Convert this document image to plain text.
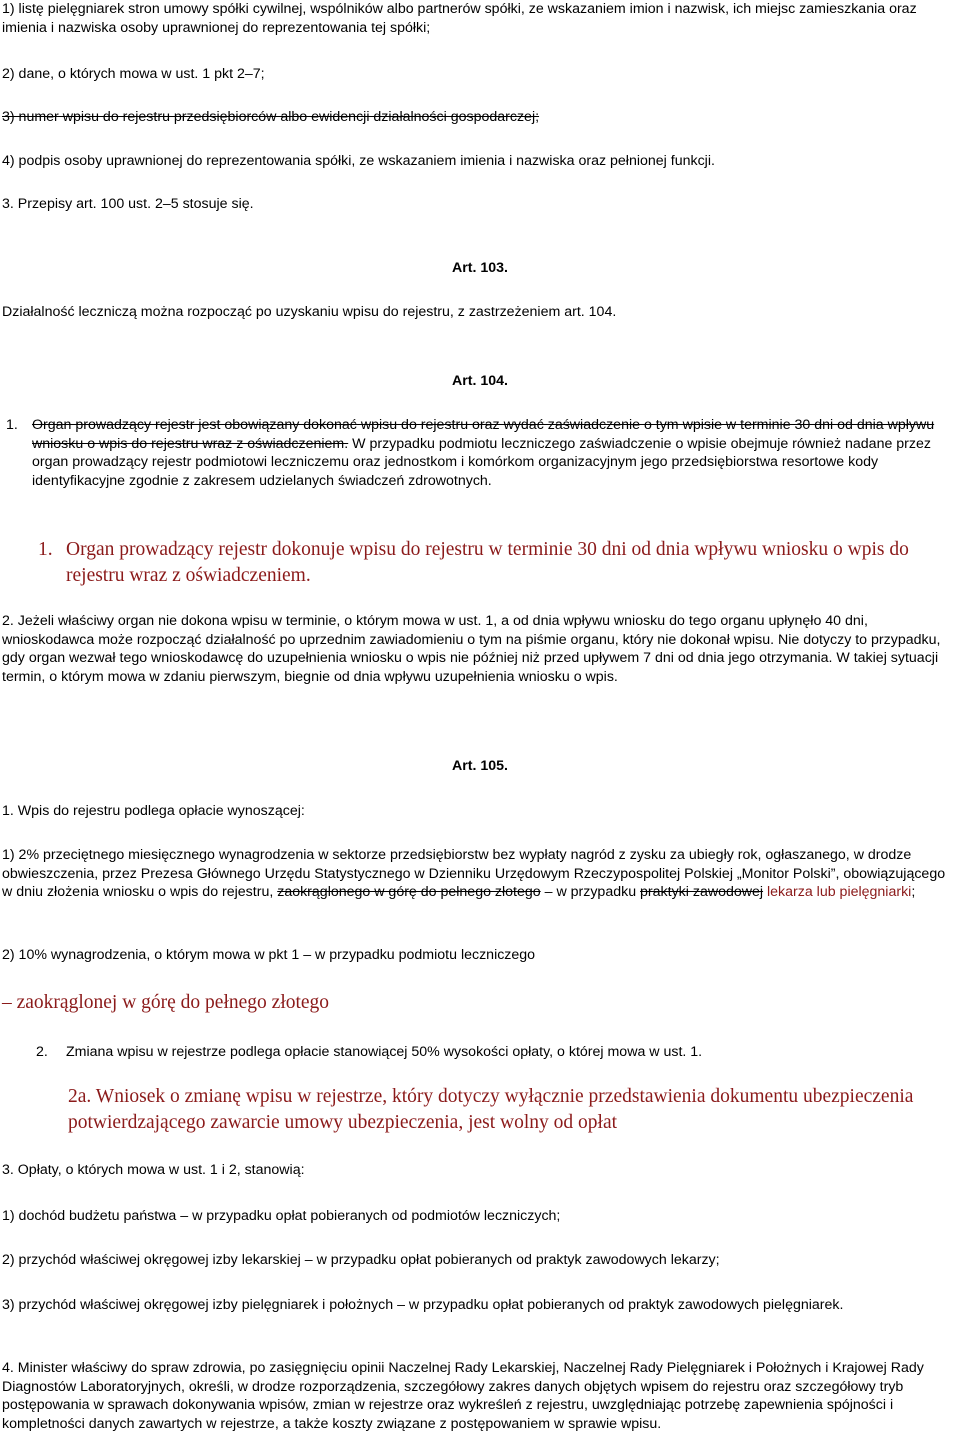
1) listę pielęgniarek stron umowy spółki cywilnej, wspólników albo partnerów spółki, ze wskazaniem imion i nazwisk, ich miejsc zamieszkania oraz imienia i nazwiska osoby uprawnionej do reprezentowania tej spółki;

2) dane, o których mowa w ust. 1 pkt 2–7;

3) numer wpisu do rejestru przedsiębiorców albo ewidencji działalności gospodarczej;

4) podpis osoby uprawnionej do reprezentowania spółki, ze wskazaniem imienia i nazwiska oraz pełnionej funkcji.

3. Przepisy art. 100 ust. 2–5 stosuje się.

Art. 103.

Działalność leczniczą można rozpocząć po uzyskaniu wpisu do rejestru, z zastrzeżeniem art. 104.

Art. 104.

1. Organ prowadzący rejestr jest obowiązany dokonać wpisu do rejestru oraz wydać zaświadczenie o tym wpisie w terminie 30 dni od dnia wpływu wniosku o wpis do rejestru wraz z oświadczeniem. W przypadku podmiotu leczniczego zaświadczenie o wpisie obejmuje również nadane przez organ prowadzący rejestr podmiotowi leczniczemu oraz jednostkom i komórkom organizacyjnym jego przedsiębiorstwa resortowe kody identyfikacyjne zgodnie z zakresem udzielanych świadczeń zdrowotnych.
1. Organ prowadzący rejestr dokonuje wpisu do rejestru w terminie 30 dni od dnia wpływu wniosku o wpis do rejestru wraz z oświadczeniem.

2. Jeżeli właściwy organ nie dokona wpisu w terminie, o którym mowa w ust. 1, a od dnia wpływu wniosku do tego organu upłynęło 40 dni, wnioskodawca może rozpocząć działalność po uprzednim zawiadomieniu o tym na piśmie organu, który nie dokonał wpisu. Nie dotyczy to przypadku, gdy organ wezwał tego wnioskodawcę do uzupełnienia wniosku o wpis nie później niż przed upływem 7 dni od dnia jego otrzymania. W takiej sytuacji termin, o którym mowa w zdaniu pierwszym, biegnie od dnia wpływu uzupełnienia wniosku o wpis.

Art. 105.

1. Wpis do rejestru podlega opłacie wynoszącej:

1) 2% przeciętnego miesięcznego wynagrodzenia w sektorze przedsiębiorstw bez wypłaty nagród z zysku za ubiegły rok, ogłaszanego, w drodze obwieszczenia, przez Prezesa Głównego Urzędu Statystycznego w Dzienniku Urzędowym Rzeczypospolitej Polskiej „Monitor Polski”, obowiązującego w dniu złożenia wniosku o wpis do rejestru, zaokrąglonego w górę do pełnego złotego – w przypadku praktyki zawodowej lekarza lub pielęgniarki;

2) 10% wynagrodzenia, o którym mowa w pkt 1 – w przypadku podmiotu leczniczego

– zaokrąglonej w górę do pełnego złotego

2. Zmiana wpisu w rejestrze podlega opłacie stanowiącej 50% wysokości opłaty, o której mowa w ust. 1.

2a. Wniosek o zmianę wpisu w rejestrze, który dotyczy wyłącznie przedstawienia dokumentu ubezpieczenia potwierdzającego zawarcie umowy ubezpieczenia, jest wolny od opłat

3. Opłaty, o których mowa w ust. 1 i 2, stanowią:

1) dochód budżetu państwa – w przypadku opłat pobieranych od podmiotów leczniczych;

2) przychód właściwej okręgowej izby lekarskiej – w przypadku opłat pobieranych od praktyk zawodowych lekarzy;

3) przychód właściwej okręgowej izby pielęgniarek i położnych – w przypadku opłat pobieranych od praktyk zawodowych pielęgniarek.

4. Minister właściwy do spraw zdrowia, po zasięgnięciu opinii Naczelnej Rady Lekarskiej, Naczelnej Rady Pielęgniarek i Położnych i Krajowej Rady Diagnostów Laboratoryjnych, określi, w drodze rozporządzenia, szczegółowy zakres danych objętych wpisem do rejestru oraz szczegółowy tryb postępowania w sprawach dokonywania wpisów, zmian w rejestrze oraz wykreśleń z rejestru, uwzględniając potrzebę zapewnienia spójności i kompletności danych zawartych w rejestrze, a także koszty związane z postępowaniem w sprawie wpisu.
